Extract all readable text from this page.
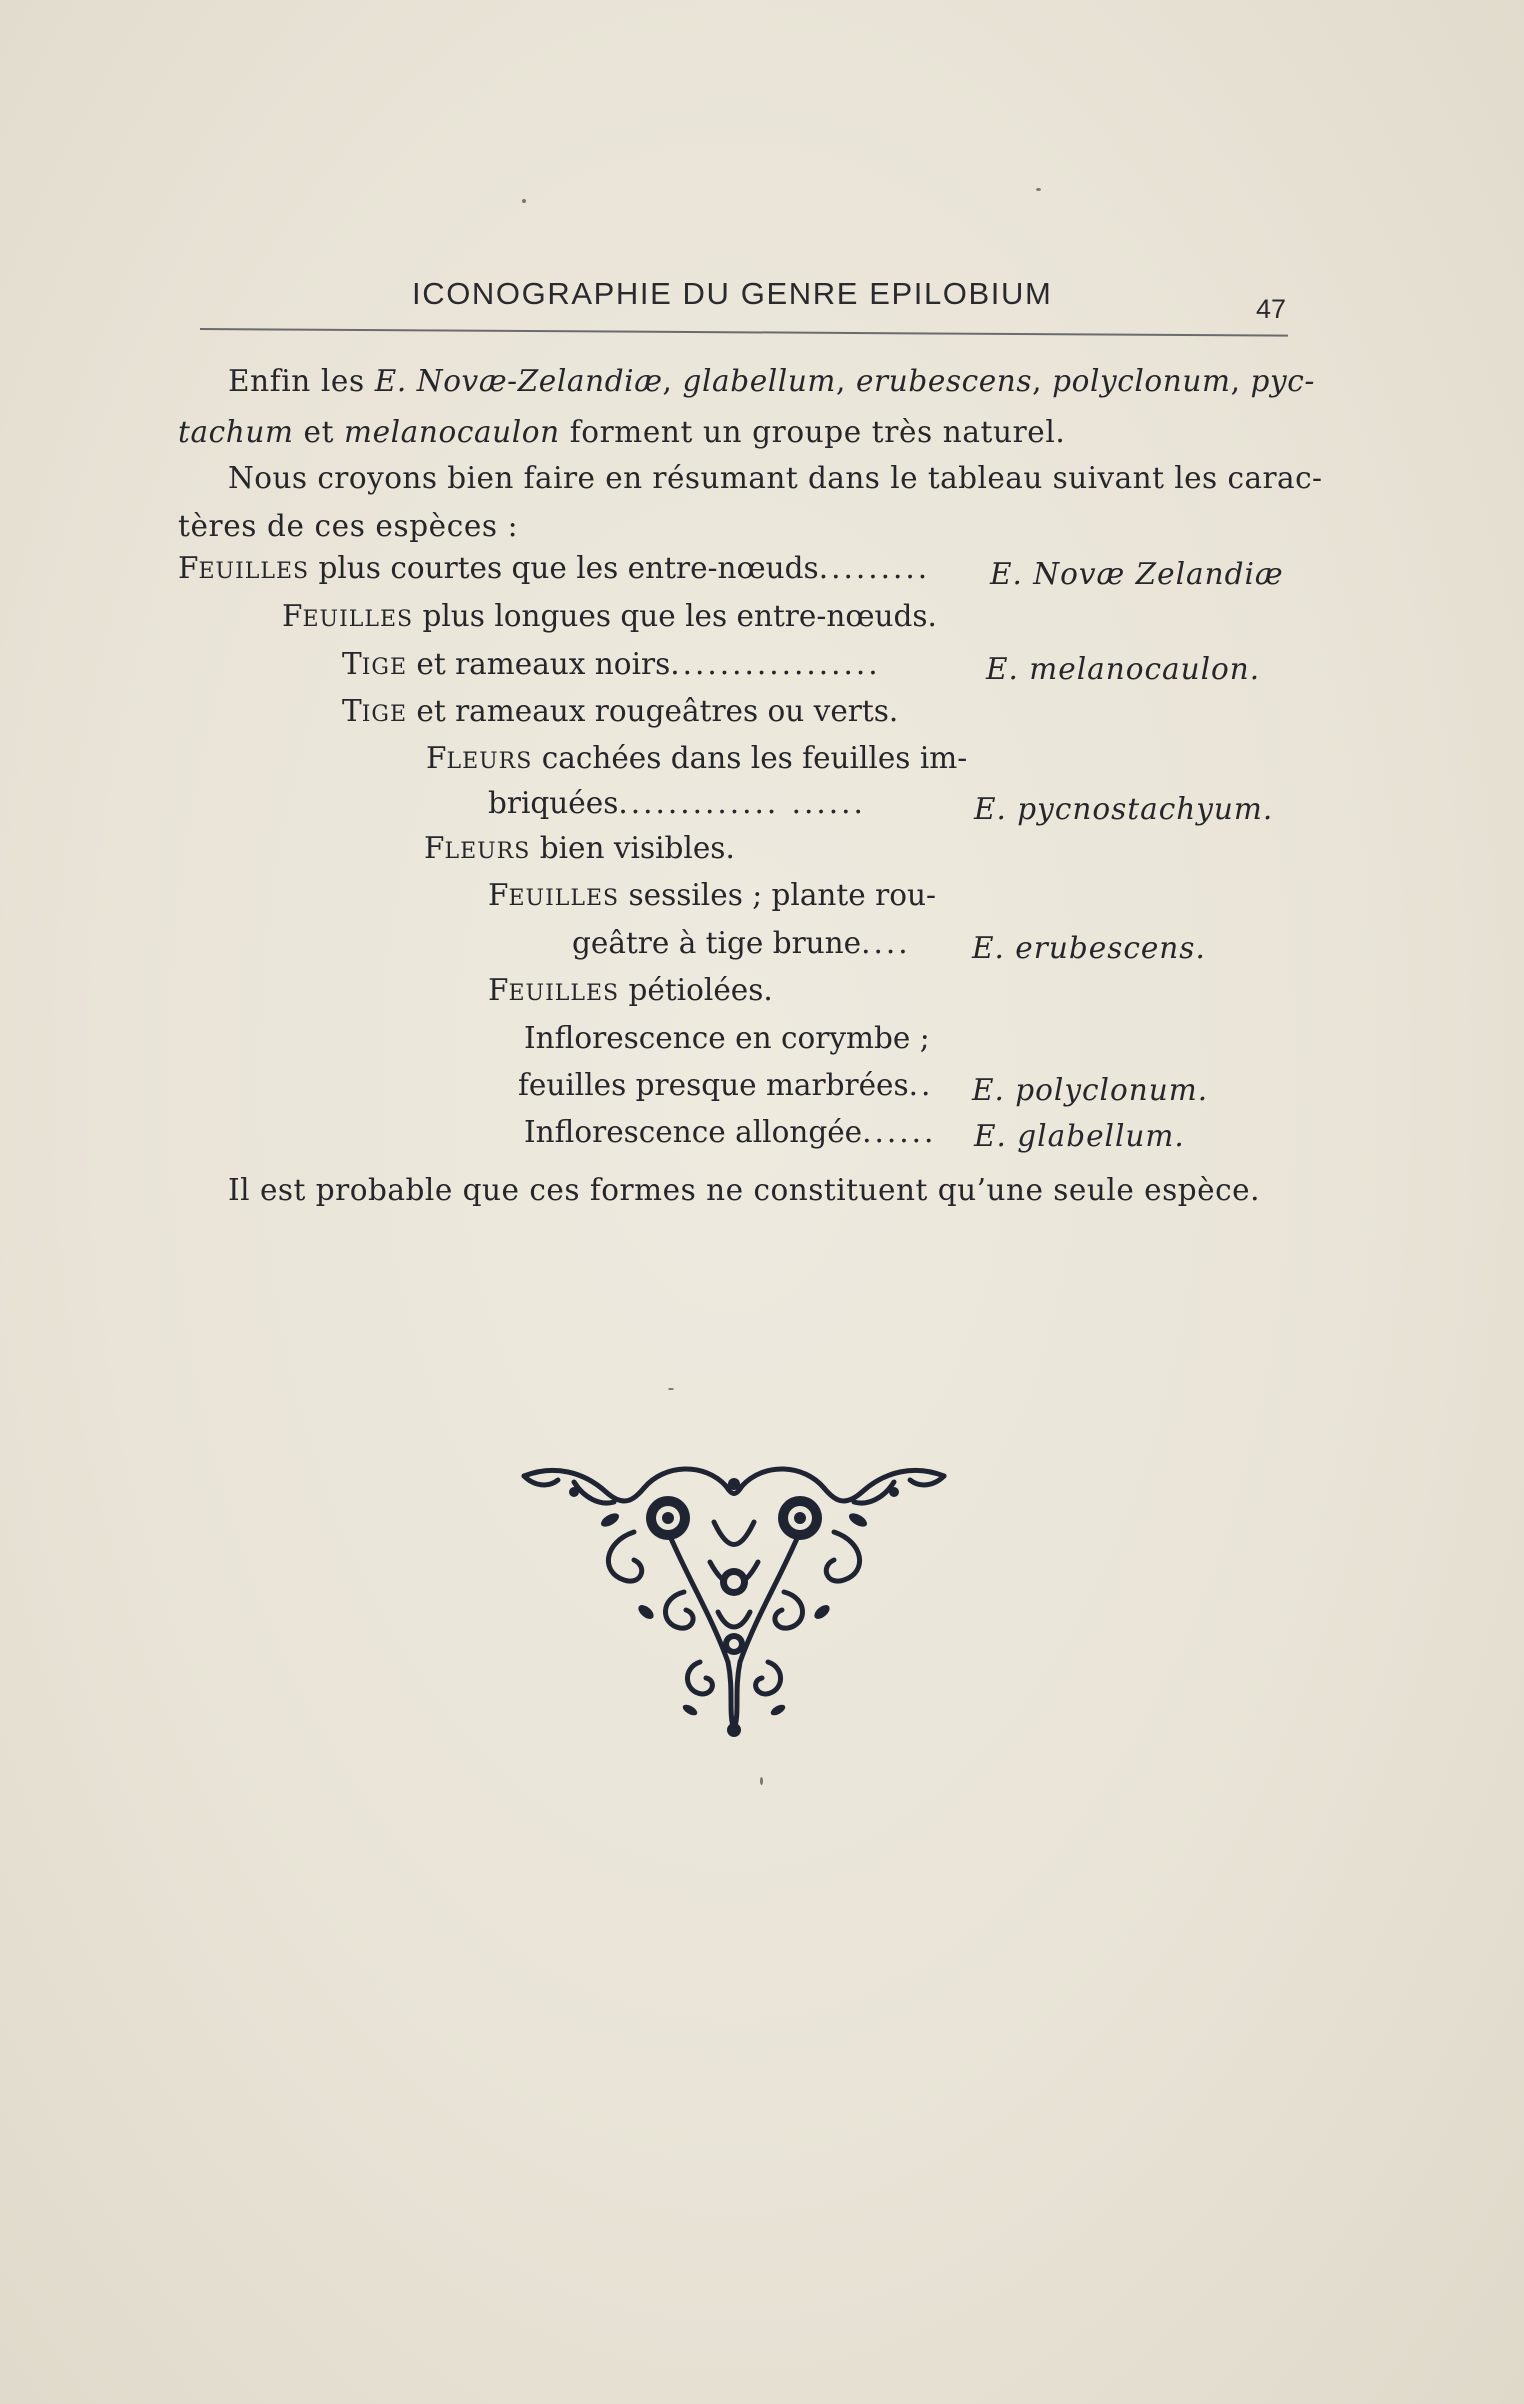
ICONOGRAPHIE DU GENRE EPILOBIUM	47
Enfin les E. Novæ-Zelandiæ, glabellum, erubescens, polyclonum, pyc-
tachum et melanocaulon forment un groupe très naturel.
Nous croyons bien faire en résumant dans le tableau suivant les carac-
tères de ces espèces :
FEUILLES plus courtes que les entre-nœuds......... E. Novæ Zelandiæ
FEUILLES plus longues que les entre-nœuds.
TIGE et rameaux noirs.................	E. melanocaulon.
TIGE et rameaux rougeâtres ou verts.
FLEURS cachées dans les feuilles im-
briquées............. ......	E. pycnostachyum.
FLEURS bien visibles.
FEUILLES sessiles ; plante rou-
geâtre à tige brune.... E. erubescens.
FEUILLES pétiolées.
Inflorescence en corymbe ;
feuilles presque marbrées.. E. polyclonum.
Inflorescence allongée...... E. glabellum.
Il est probable que ces formes ne constituent qu’une seule espèce.
